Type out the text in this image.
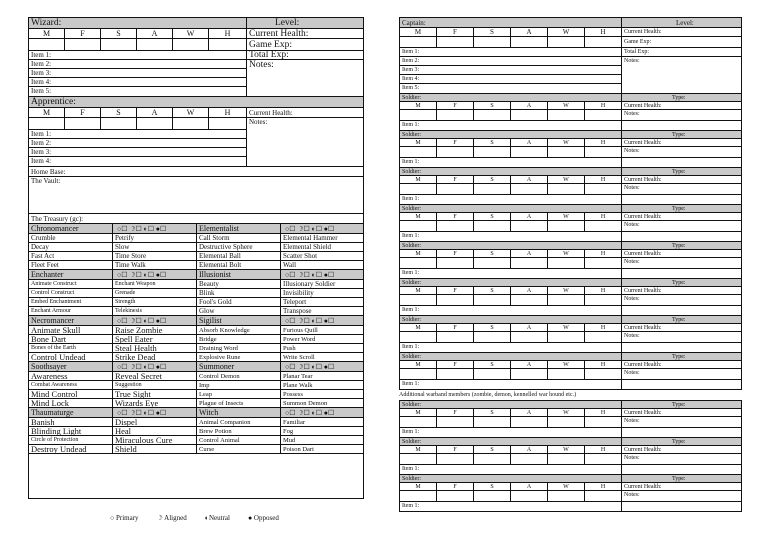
Wizard:	Level:
M	F	S	A	W	H
Item 1:
Item 2:
Item 3:
Item 4:
Item 5:
Current Health:
Game Exp:
Total Exp:
Notes:
Apprentice:
M	F	S	A	W	H
Item 1:
Item 2:
Item 3:
Item 4:
Current Health:
Notes:
Home Base:
The Vault:
The Treasury (gc):
Chronomancer	○☐ ☽☐ ◐☐ ●☐	Elementalist	○☐ ☽☐ ◐☐ ●☐
Crumble	Petrify	Call Storm	Elemental Hammer
Decay	Slow	Destructive Sphere	Elemental Shield
Fast Act	Time Store	Elemental Ball	Scatter Shot
Fleet Feet	Time Walk	Elemental Bolt	Wall
Enchanter	○☐ ☽☐ ◐☐ ●☐	Illusionist	○☐ ☽☐ ◐☐ ●☐
Animate Construct	Enchant Weapon	Beauty	Illusionary Soldier
Control Construct	Grenade	Blink	Invisibility
Embed Enchantment	Strength	Fool's Gold	Teleport
Enchant Armour	Telekinesis	Glow	Transpose
Necromancer	○☐ ☽☐ ◐☐ ●☐	Sigilist	○☐ ☽☐ ◐☐ ●☐
Animate Skull	Raise Zombie	Absorb Knowledge	Furious Quill
Bone Dart	Spell Eater	Bridge	Power Word
Bones of the Earth	Steal Health	Draining Word	Push
Control Undead	Strike Dead	Explosive Rune	Write Scroll
Soothsayer	○☐ ☽☐ ◐☐ ●☐	Summoner	○☐ ☽☐ ◐☐ ●☐
Awareness	Reveal Secret	Control Demon	Planar Tear
Combat Awareness	Suggestion	Imp	Plane Walk
Mind Control	True Sight	Leap	Possess
Mind Lock	Wizards Eye	Plague of Insects	Summon Demon
Thaumaturge	○☐ ☽☐ ◐☐ ●☐	Witch	○☐ ☽☐ ◐☐ ●☐
Banish	Dispel	Animal Companion	Familiar
Blinding Light	Heal	Brew Potion	Fog
Circle of Protection	Miraculous Cure	Control Animal	Mud
Destroy Undead	Shield	Curse	Poison Dart
○ Primary	☽ Aligned	◐Neutral	● Opposed
Captain:	Level:
M	F	S	A	W	H
Item 1:
Item 2:
Item 3:
Item 4:
Item 5:
Current Health:
Game Exp:
Total Exp:
Notes:
Soldier:	Type:
M	F	S	A	W	H	Current Health:
Notes:
Item 1:
Soldier:	Type:
M	F	S	A	W	H	Current Health:
Notes:
Item 1:
Soldier:	Type:
M	F	S	A	W	H	Current Health:
Notes:
Item 1:
Soldier:	Type:
M	F	S	A	W	H	Current Health:
Notes:
Item 1:
Soldier:	Type:
M	F	S	A	W	H	Current Health:
Notes:
Item 1:
Soldier:	Type:
M	F	S	A	W	H	Current Health:
Notes:
Item 1:
Soldier:	Type:
M	F	S	A	W	H	Current Health:
Notes:
Item 1:
Soldier:	Type:
M	F	S	A	W	H	Current Health:
Notes:
Item 1:
Additional warband members (zombie, demon, kennelled war hound etc.)
Soldier:	Type:
M	F	S	A	W	H	Current Health:
Notes:
Item 1:
Soldier:	Type:
M	F	S	A	W	H	Current Health:
Notes:
Item 1:
Soldier:	Type:
M	F	S	A	W	H	Current Health:
Notes:
Item 1:
